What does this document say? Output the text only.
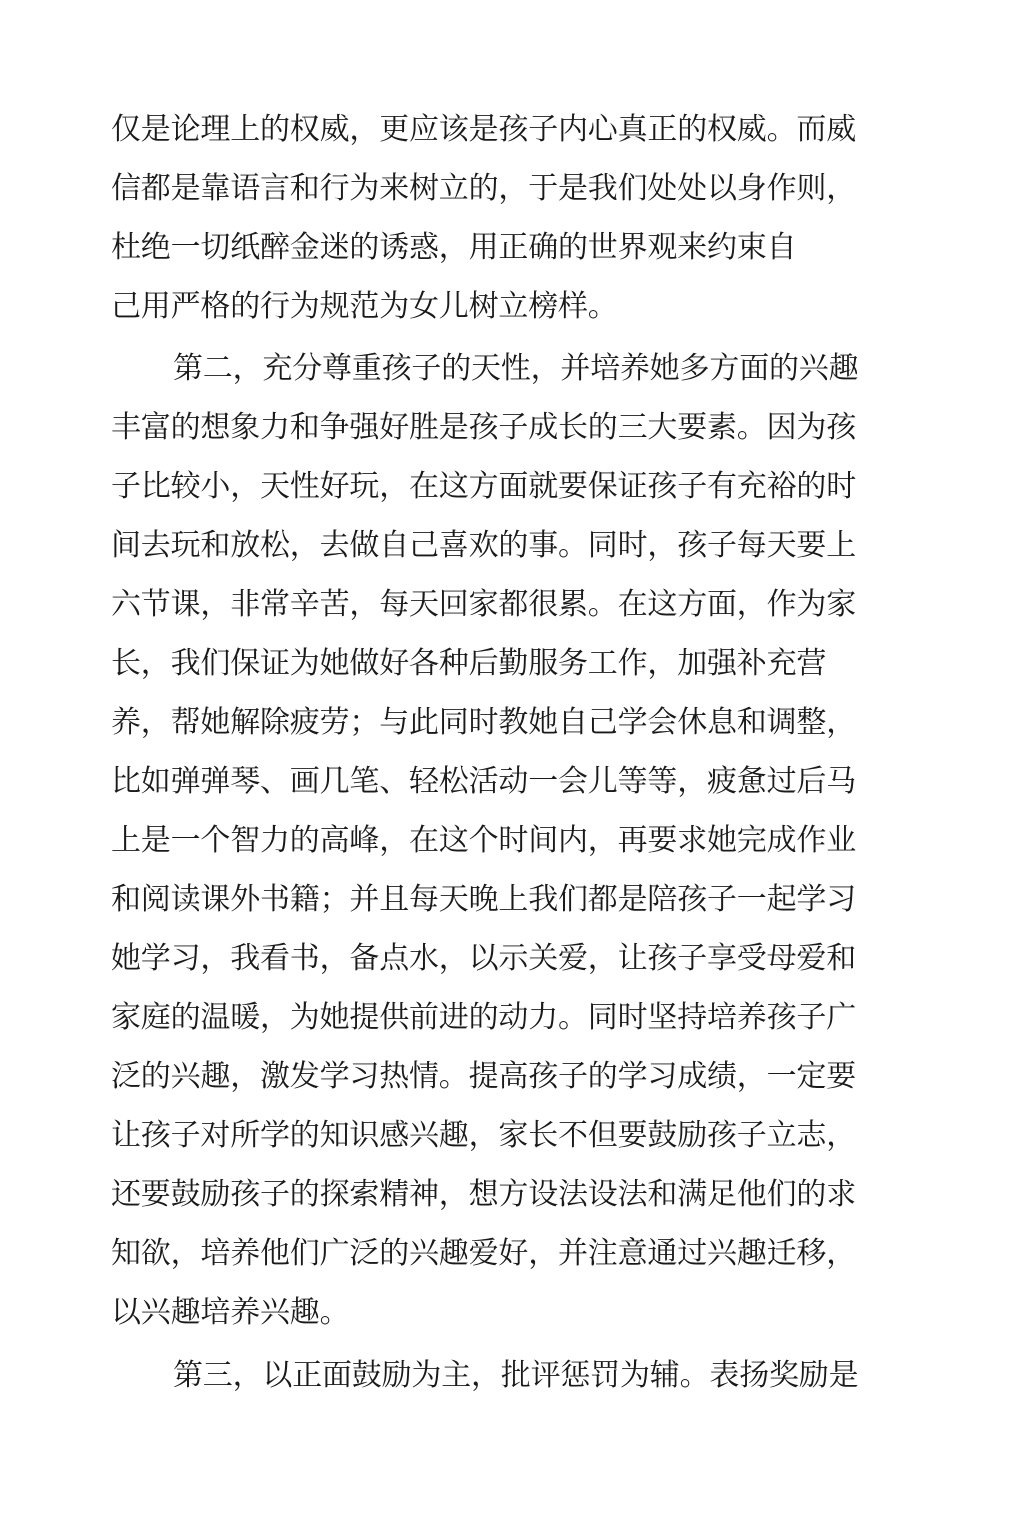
仅是论理上的权威，更应该是孩子内心真正的权威。而威
信都是靠语言和行为来树立的，于是我们处处以身作则，
杜绝一切纸醉金迷的诱惑，用正确的世界观来约束自
己用严格的行为规范为女儿树立榜样。
第二，充分尊重孩子的天性，并培养她多方面的兴趣
丰富的想象力和争强好胜是孩子成长的三大要素。因为孩
子比较小，天性好玩，在这方面就要保证孩子有充裕的时
间去玩和放松，去做自己喜欢的事。同时，孩子每天要上
六节课，非常辛苦，每天回家都很累。在这方面，作为家
长，我们保证为她做好各种后勤服务工作，加强补充营
养，帮她解除疲劳；与此同时教她自己学会休息和调整，
比如弹弹琴、画几笔、轻松活动一会儿等等，疲惫过后马
上是一个智力的高峰，在这个时间内，再要求她完成作业
和阅读课外书籍；并且每天晚上我们都是陪孩子一起学习
她学习，我看书，备点水，以示关爱，让孩子享受母爱和
家庭的温暖，为她提供前进的动力。同时坚持培养孩子广
泛的兴趣，激发学习热情。提高孩子的学习成绩，一定要
让孩子对所学的知识感兴趣，家长不但要鼓励孩子立志，
还要鼓励孩子的探索精神，想方设法设法和满足他们的求
知欲，培养他们广泛的兴趣爱好，并注意通过兴趣迁移，
以兴趣培养兴趣。
第三，以正面鼓励为主，批评惩罚为辅。表扬奖励是
